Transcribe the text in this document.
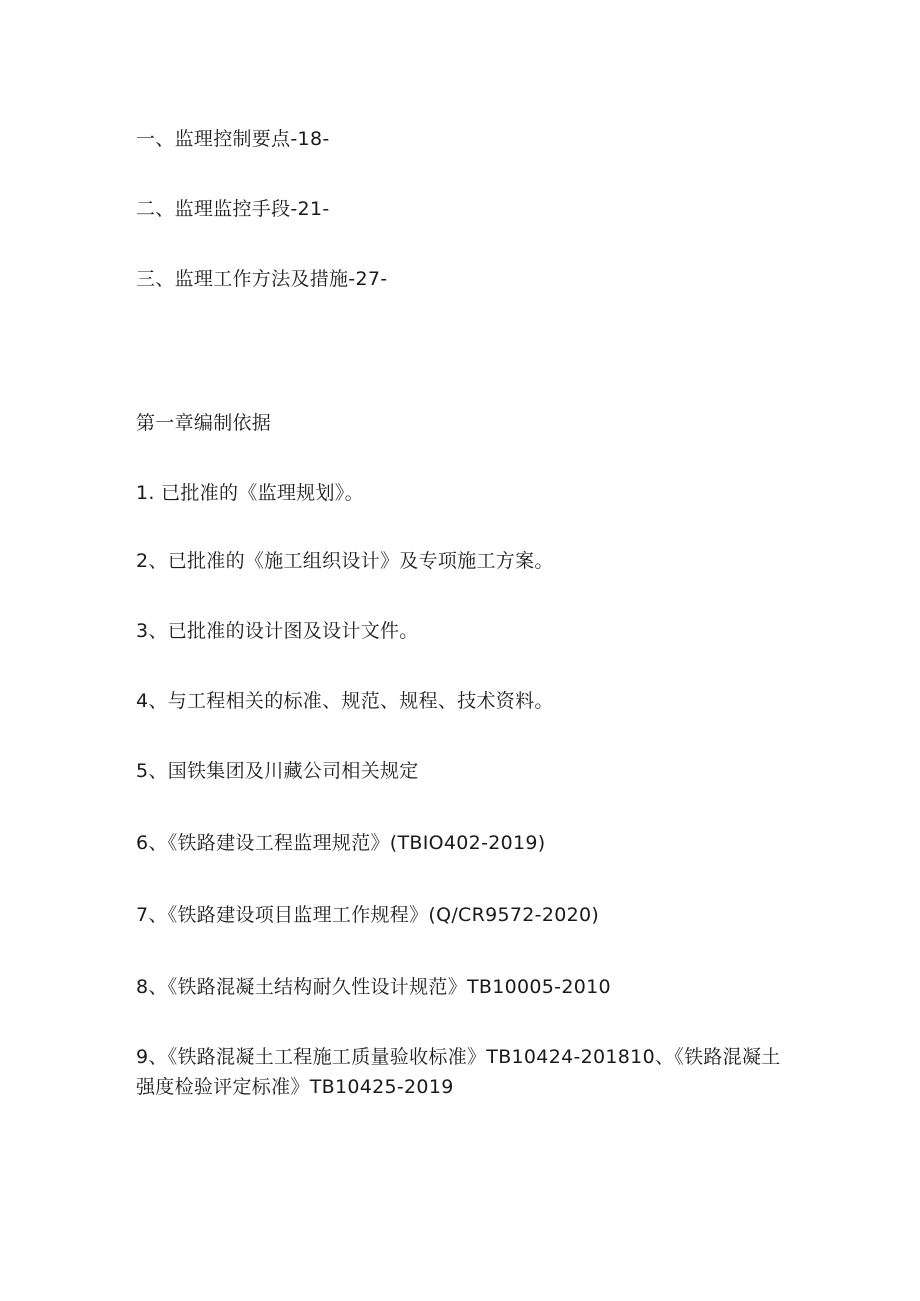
一、监理控制要点-18-
二、监理监控手段-21-
三、监理工作方法及措施-27-
第一章编制依据
1. 已批准的《监理规划》。
2、已批准的《施工组织设计》及专项施工方案。
3、已批准的设计图及设计文件。
4、与工程相关的标准、规范、规程、技术资料。
5、国铁集团及川藏公司相关规定
6、《铁路建设工程监理规范》(TBIO402-2019)
7、《铁路建设项目监理工作规程》(Q/CR9572-2020)
8、《铁路混凝土结构耐久性设计规范》TB10005-2010
9、《铁路混凝土工程施工质量验收标准》TB10424-201810、《铁路混凝土强度检验评定标准》TB10425-2019
